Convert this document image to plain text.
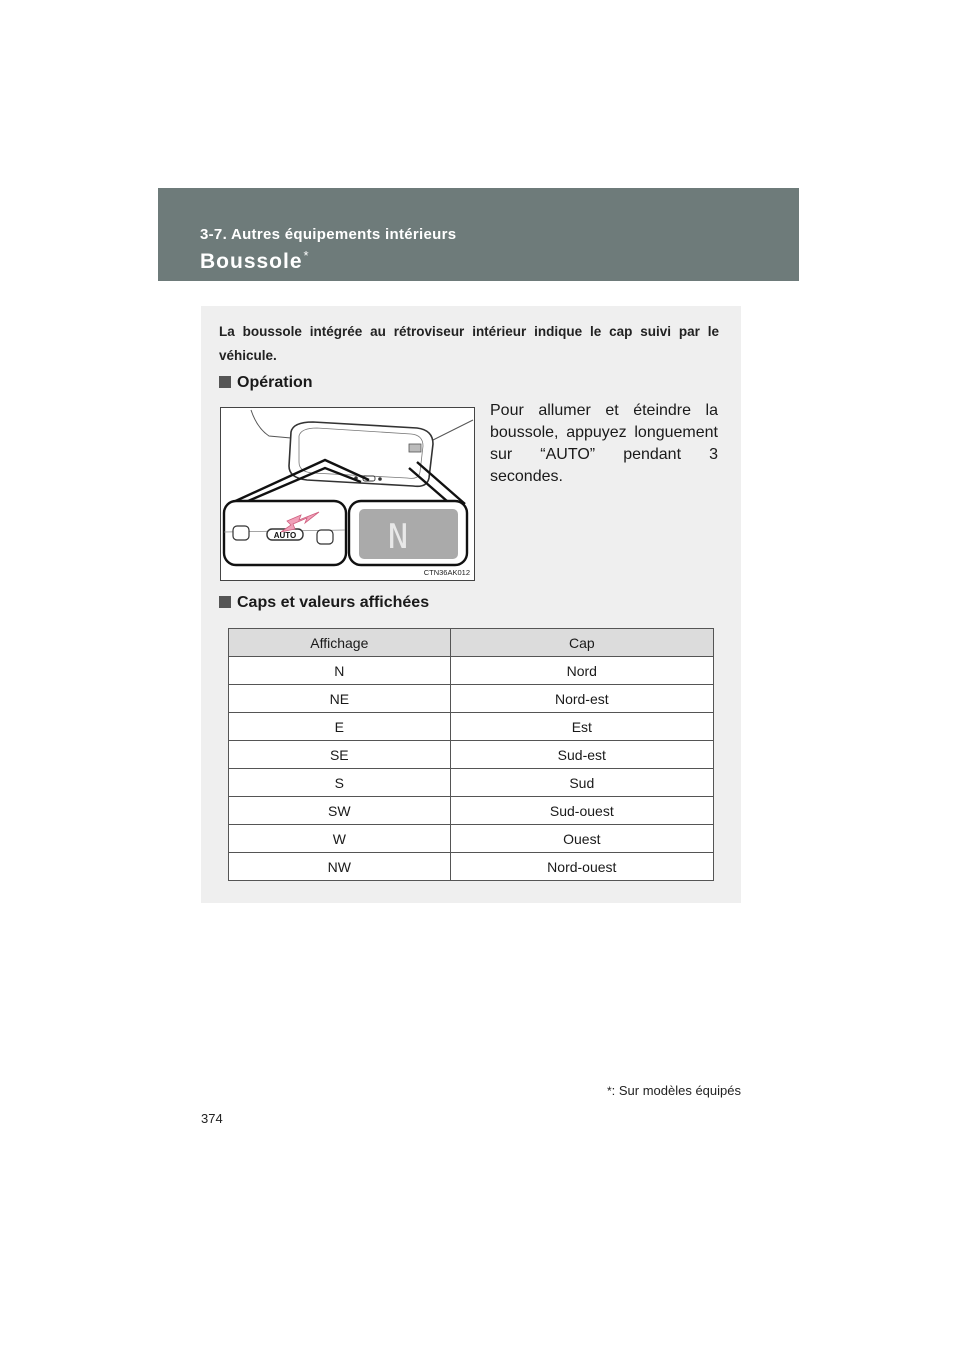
3-7. Autres équipements intérieurs
Boussole*
La boussole intégrée au rétroviseur intérieur indique le cap suivi par le véhicule.
Opération
AUTO	N
CTN36AK012
Pour allumer et éteindre la boussole, appuyez longuement sur “AUTO” pendant 3 secondes.
Caps et valeurs affichées
Affichage	Cap
N	Nord
NE	Nord-est
E	Est
SE	Sud-est
S	Sud
SW	Sud-ouest
W	Ouest
NW	Nord-ouest
*: Sur modèles équipés
374
